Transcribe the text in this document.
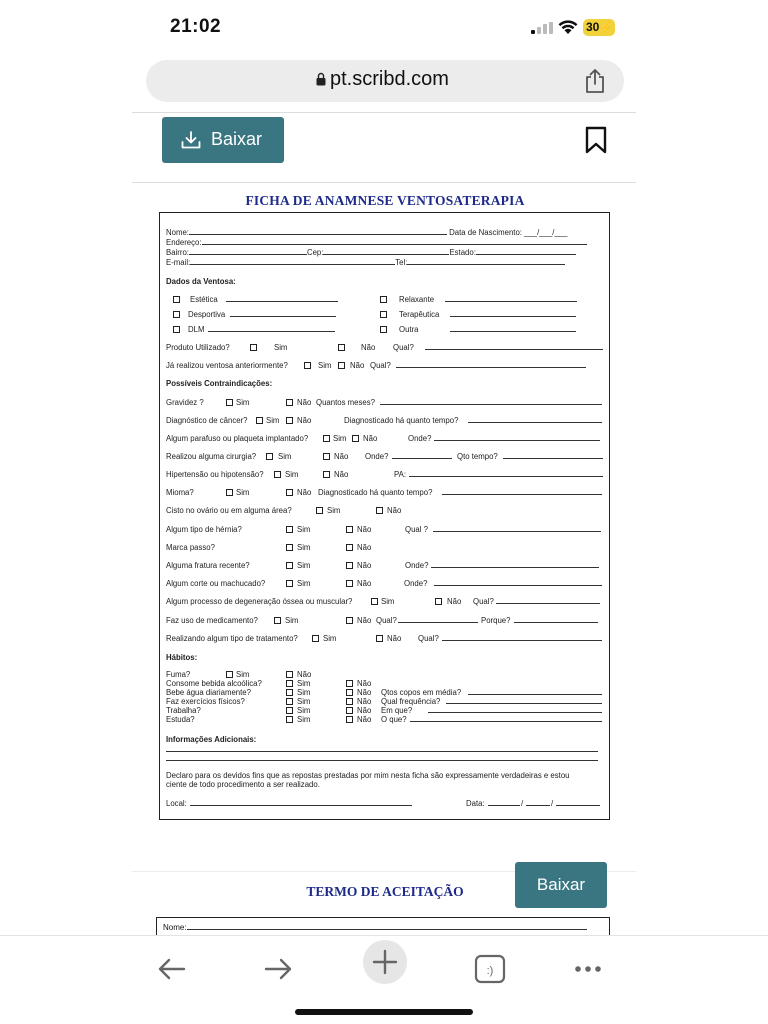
21:02	30⚡
pt.scribd.com
Baixar
FICHA DE ANAMNESE VENTOSATERAPIA
Nome:	Data de Nascimento: ___/___/___
Endereço:
Bairro:	Cep:	Estado:
E-mail:	Tel:
Dados da Ventosa:
Estética	Relaxante
Desportiva	Terapêutica
DLM	Outra
Produto Utilizado?	Sim	Não Qual?
Já realizou ventosa anteriormente?	Sim Não Qual?
Possíveis Contraindicações:
Gravidez ?	Sim	Não Quantos meses?
Diagnóstico de câncer? Sim Não	Diagnosticado há quanto tempo?
Algum parafuso ou plaqueta implantado?	Sim Não	Onde?
Realizou alguma cirurgia?	Sim	Não Onde?	Qto tempo?
Hipertensão ou hipotensão?	Sim	Não	PA:
Mioma?	Sim	Não Diagnosticado há quanto tempo?
Cisto no ovário ou em alguma área?	Sim	Não
Algum tipo de hérnia?	Sim	Não	Qual ?
Marca passo?	Sim	Não
Alguma fratura recente?	Sim	Não	Onde?
Algum corte ou machucado?	Sim	Não	Onde?
Algum processo de degeneração óssea ou muscular?	Sim	Não Qual?
Faz uso de medicamento?	Sim	Não Qual?	Porque?
Realizando algum tipo de tratamento?	Sim	Não Qual?
Hábitos:
Fuma?	Sim	Não
Consome bebida alcoólica?	Sim	Não
Bebe água diariamente?	Sim	Não Qtos copos em média?
Faz exercícios físicos?	Sim	Não Qual frequência?
Trabalha?	Sim	Não Em que?
Estuda?	Sim	Não O que?
Informações Adicionais:
Declaro para os devidos fins que as repostas prestadas por mim nesta ficha são expressamente verdadeiras e estou
ciente de todo procedimento a ser realizado.
Local:	Data:	/	/
TERMO DE ACEITAÇÃO	Baixar
Nome:
:)
